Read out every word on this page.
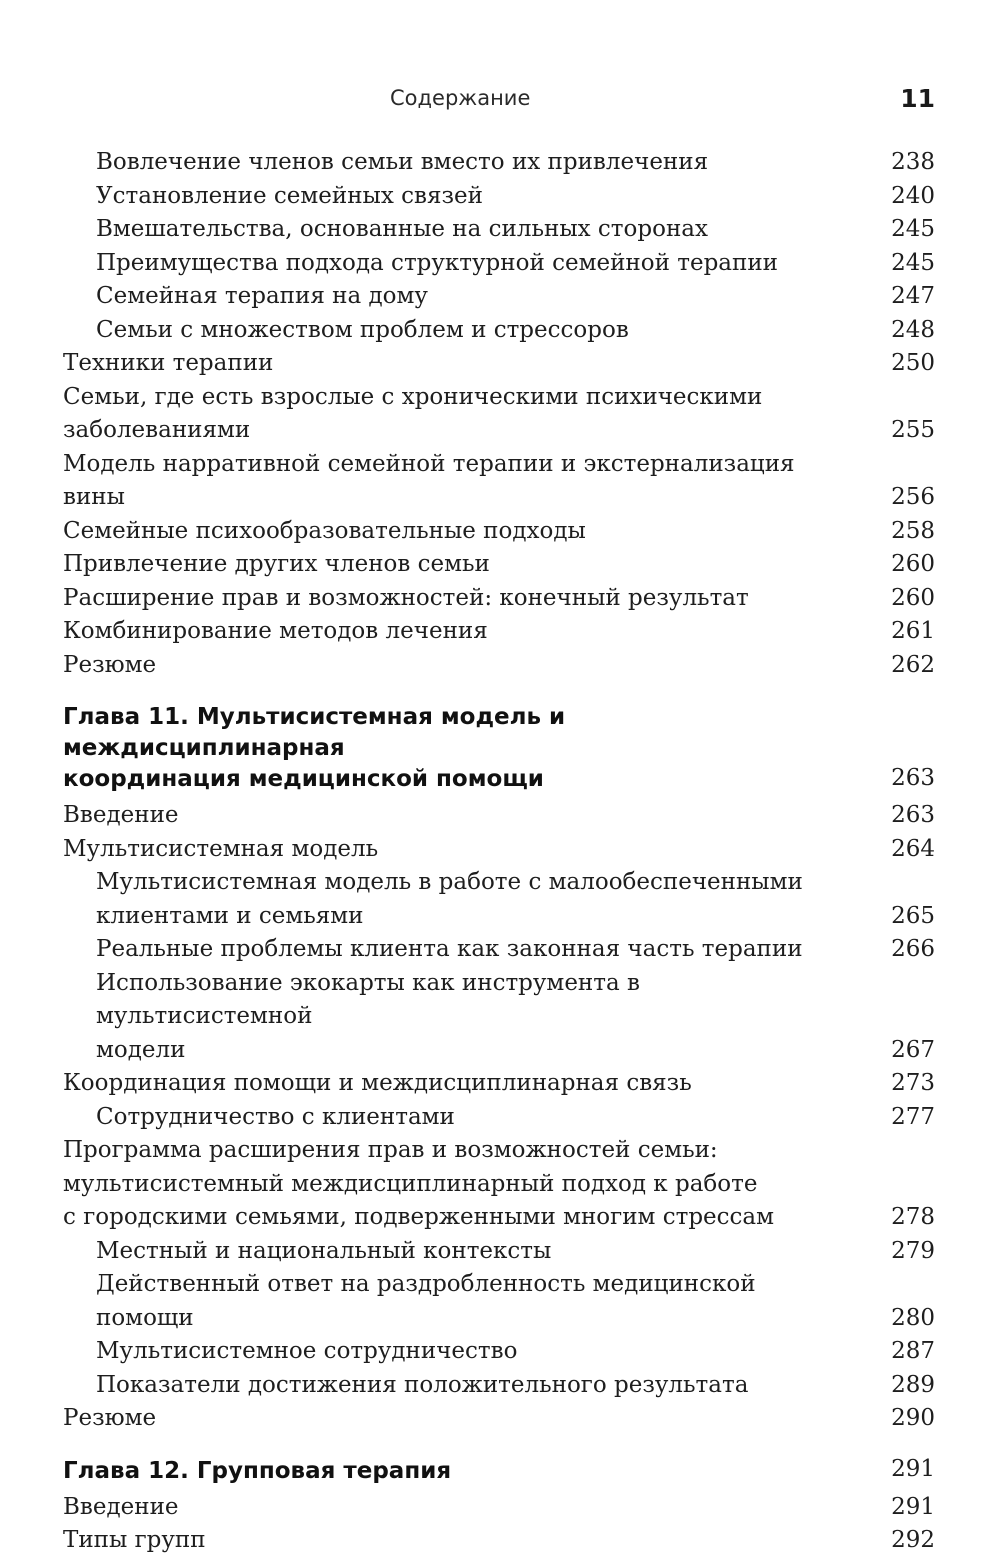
Содержание	11
Вовлечение членов семьи вместо их привлечения	238
Установление семейных связей	240
Вмешательства, основанные на сильных сторонах	245
Преимущества подхода структурной семейной терапии	245
Семейная терапия на дому	247
Семьи с множеством проблем и стрессоров	248
Техники терапии	250
Семьи, где есть взрослые с хроническими психическими
заболеваниями	255
Модель нарративной семейной терапии и экстернализация вины	256
Семейные психообразовательные подходы	258
Привлечение других членов семьи	260
Расширение прав и возможностей: конечный результат	260
Комбинирование методов лечения	261
Резюме	262
Глава 11. Мультисистемная модель и междисциплинарная
координация медицинской помощи	263
Введение	263
Мультисистемная модель	264
Мультисистемная модель в работе с малообеспеченными
клиентами и семьями	265
Реальные проблемы клиента как законная часть терапии	266
Использование экокарты как инструмента в мультисистемной
модели	267
Координация помощи и междисциплинарная связь	273
Сотрудничество с клиентами	277
Программа расширения прав и возможностей семьи:
мультисистемный междисциплинарный подход к работе
с городскими семьями, подверженными многим стрессам	278
Местный и национальный контексты	279
Действенный ответ на раздробленность медицинской помощи	280
Мультисистемное сотрудничество	287
Показатели достижения положительного результата	289
Резюме	290
Глава 12. Групповая терапия	291
Введение	291
Типы групп	292
